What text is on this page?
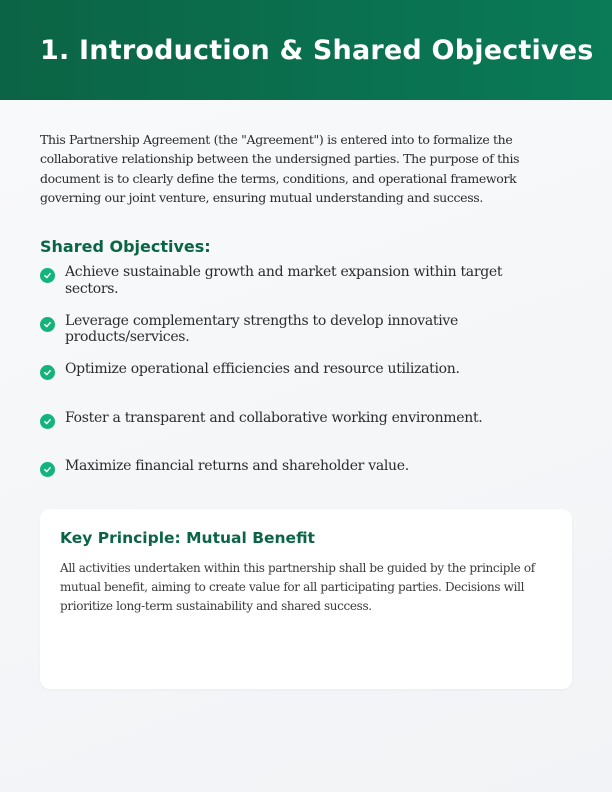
1. Introduction & Shared Objectives

This Partnership Agreement (the "Agreement") is entered into to formalize the collaborative relationship between the undersigned parties. The purpose of this document is to clearly define the terms, conditions, and operational framework governing our joint venture, ensuring mutual understanding and success.

Shared Objectives:
Achieve sustainable growth and market expansion within target sectors.
Leverage complementary strengths to develop innovative products/services.
Optimize operational efficiencies and resource utilization.
Foster a transparent and collaborative working environment.
Maximize financial returns and shareholder value.
Key Principle: Mutual Benefit

All activities undertaken within this partnership shall be guided by the principle of mutual benefit, aiming to create value for all participating parties. Decisions will prioritize long-term sustainability and shared success.
